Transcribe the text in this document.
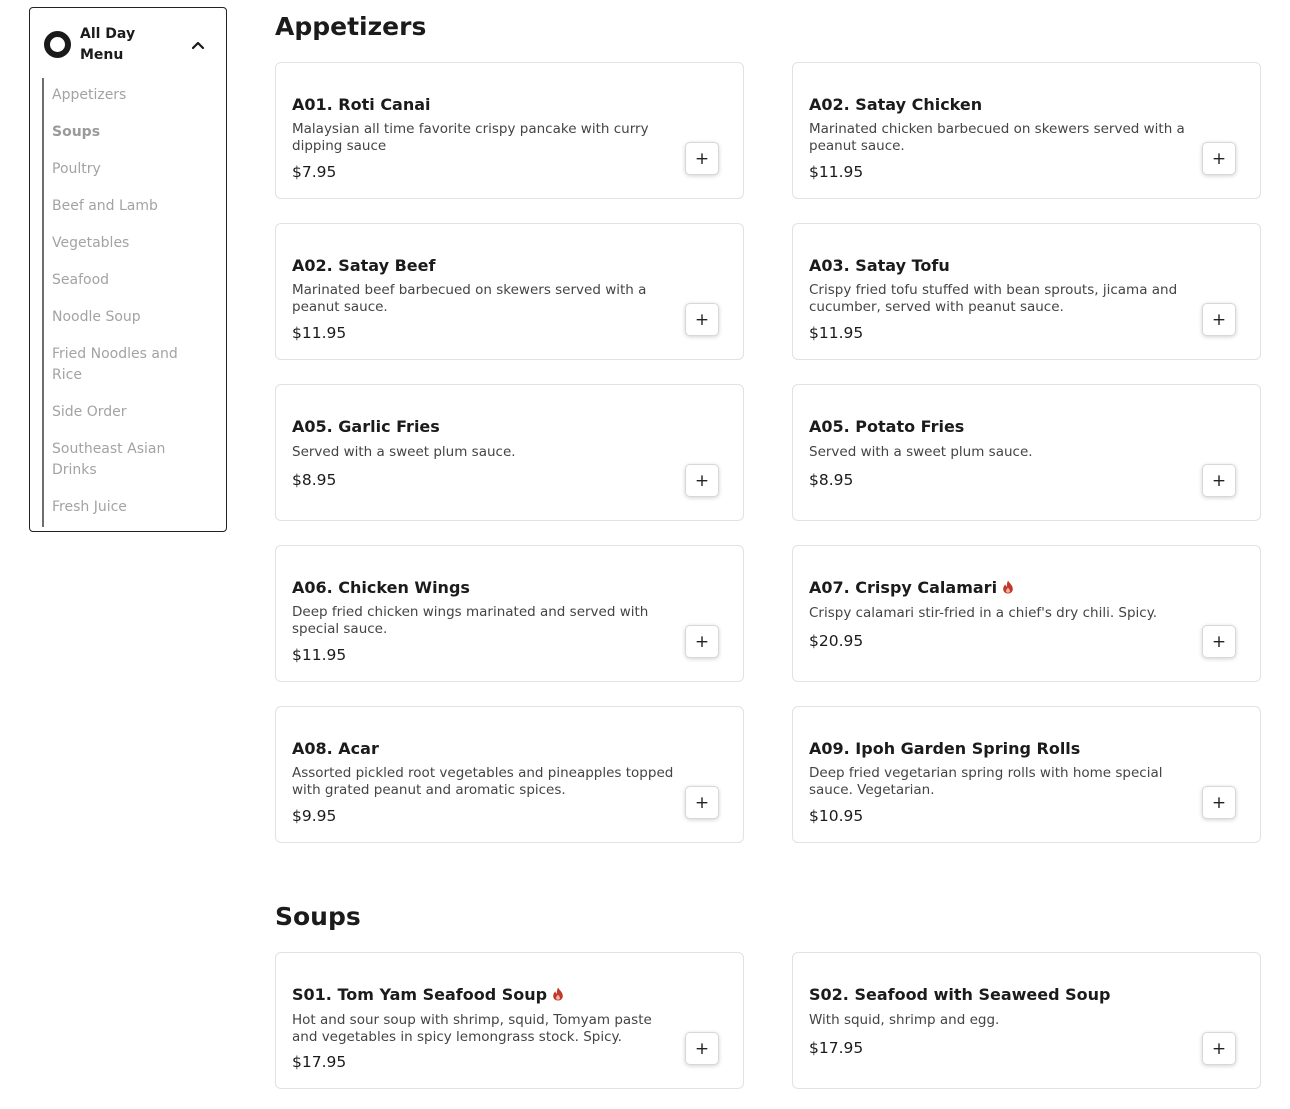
All Day Menu
Appetizers
Soups
Poultry
Beef and Lamb
Vegetables
Seafood
Noodle Soup
Fried Noodles and Rice
Side Order
Southeast Asian Drinks
Fresh Juice
Appetizers
Soups
A01. Roti Canai
Malaysian all time favorite crispy pancake with curry dipping sauce
$7.95
+
A02. Satay Chicken
Marinated chicken barbecued on skewers served with a peanut sauce.
$11.95
+
A02. Satay Beef
Marinated beef barbecued on skewers served with a peanut sauce.
$11.95
+
A03. Satay Tofu
Crispy fried tofu stuffed with bean sprouts, jicama and cucumber, served with peanut sauce.
$11.95
+
A05. Garlic Fries
Served with a sweet plum sauce.
$8.95	+
A05. Potato Fries
Served with a sweet plum sauce.
$8.95	+
A06. Chicken Wings
Deep fried chicken wings marinated and served with special sauce.
$11.95
+
A07. Crispy Calamari
Crispy calamari stir-fried in a chief's dry chili. Spicy.
$20.95	+
A08. Acar
Assorted pickled root vegetables and pineapples topped with grated peanut and aromatic spices.
$9.95
+
A09. Ipoh Garden Spring Rolls
Deep fried vegetarian spring rolls with home special sauce. Vegetarian.
$10.95
+
S01. Tom Yam Seafood Soup
Hot and sour soup with shrimp, squid, Tomyam paste and vegetables in spicy lemongrass stock. Spicy.
$17.95
+
S02. Seafood with Seaweed Soup
With squid, shrimp and egg.
$17.95	+
